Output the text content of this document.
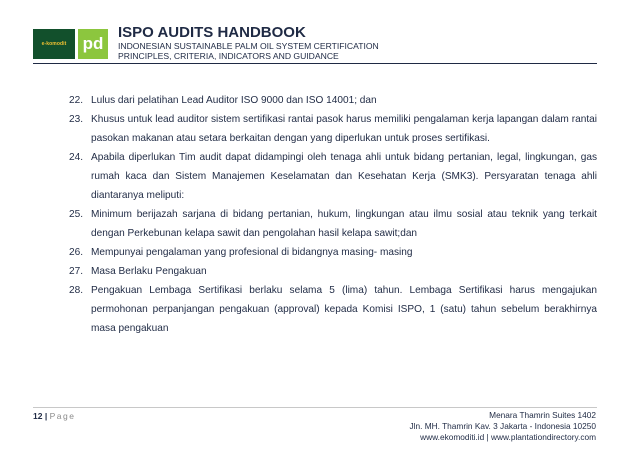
e-komodit pd
ISPO AUDITS HANDBOOK
INDONESIAN SUSTAINABLE PALM OIL SYSTEM CERTIFICATION
PRINCIPLES, CRITERIA, INDICATORS AND GUIDANCE
22. Lulus dari pelatihan Lead Auditor ISO 9000 dan ISO 14001; dan
23. Khusus untuk lead auditor sistem sertifikasi rantai pasok harus memiliki pengalaman kerja lapangan dalam rantai pasokan makanan atau setara berkaitan dengan yang diperlukan untuk proses sertifikasi.
24. Apabila diperlukan Tim audit dapat didampingi oleh tenaga ahli untuk bidang pertanian, legal, lingkungan, gas rumah kaca dan Sistem Manajemen Keselamatan dan Kesehatan Kerja (SMK3). Persyaratan tenaga ahli diantaranya meliputi:
25. Minimum berijazah sarjana di bidang pertanian, hukum, lingkungan atau ilmu sosial atau teknik yang terkait dengan Perkebunan kelapa sawit dan pengolahan hasil kelapa sawit;dan
26. Mempunyai pengalaman yang profesional di bidangnya masing- masing
27. Masa Berlaku Pengakuan
28. Pengakuan Lembaga Sertifikasi berlaku selama 5 (lima) tahun. Lembaga Sertifikasi harus mengajukan permohonan perpanjangan pengakuan (approval) kepada Komisi ISPO, 1 (satu) tahun sebelum berakhirnya masa pengakuan
12 | Page	Menara Thamrin Suites 1402
Jln. MH. Thamrin Kav. 3 Jakarta - Indonesia 10250
www.ekomoditi.id | www.plantationdirectory.com
